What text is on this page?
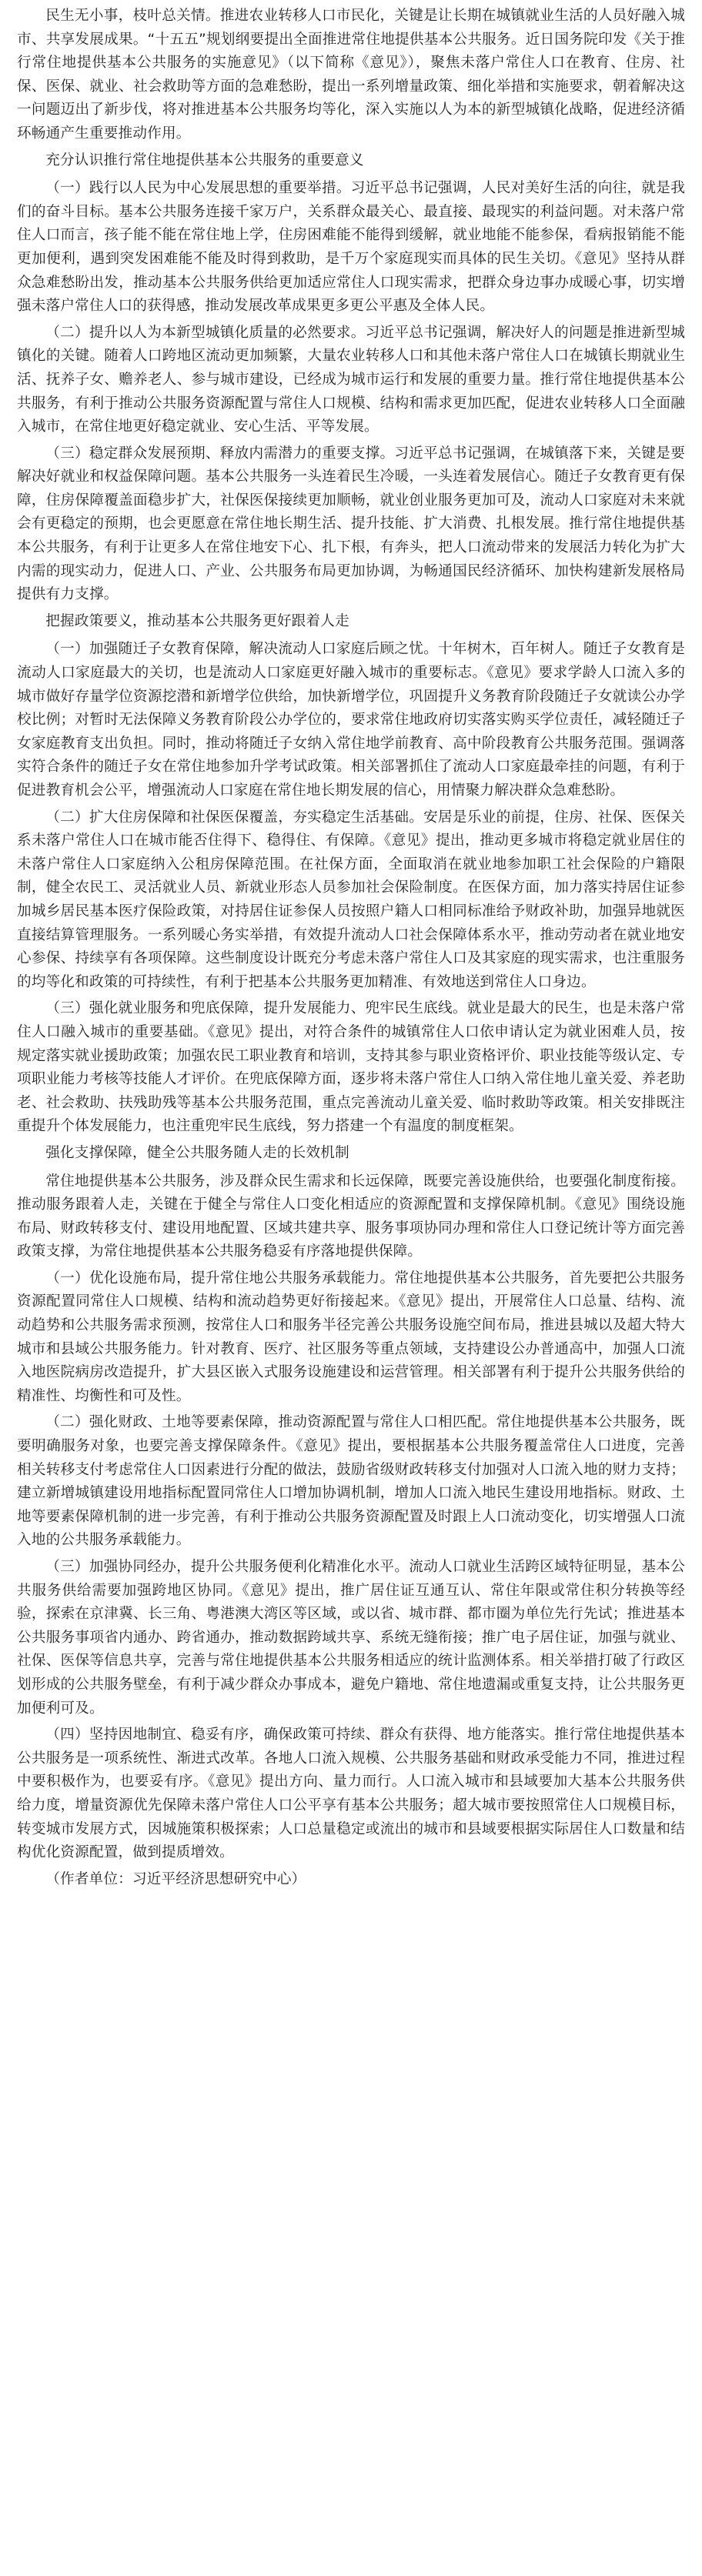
民生无小事，枝叶总关情。推进农业转移人口市民化，关键是让长期在城镇就业生活的人员好融入城市、共享发展成果。“十五五”规划纲要提出全面推进常住地提供基本公共服务。近日国务院印发《关于推行常住地提供基本公共服务的实施意见》（以下简称《意见》），聚焦未落户常住人口在教育、住房、社保、医保、就业、社会救助等方面的急难愁盼，提出一系列增量政策、细化举措和实施要求，朝着解决这一问题迈出了新步伐，将对推进基本公共服务均等化，深入实施以人为本的新型城镇化战略，促进经济循环畅通产生重要推动作用。

充分认识推行常住地提供基本公共服务的重要意义

（一）践行以人民为中心发展思想的重要举措。习近平总书记强调，人民对美好生活的向往，就是我们的奋斗目标。基本公共服务连接千家万户，关系群众最关心、最直接、最现实的利益问题。对未落户常住人口而言，孩子能不能在常住地上学，住房困难能不能得到缓解，就业地能不能参保，看病报销能不能更加便利，遇到突发困难能不能及时得到救助，是千万个家庭现实而具体的民生关切。《意见》坚持从群众急难愁盼出发，推动基本公共服务供给更加适应常住人口现实需求，把群众身边事办成暖心事，切实增强未落户常住人口的获得感，推动发展改革成果更多更公平惠及全体人民。

（二）提升以人为本新型城镇化质量的必然要求。习近平总书记强调，解决好人的问题是推进新型城镇化的关键。随着人口跨地区流动更加频繁，大量农业转移人口和其他未落户常住人口在城镇长期就业生活、抚养子女、赡养老人、参与城市建设，已经成为城市运行和发展的重要力量。推行常住地提供基本公共服务，有利于推动公共服务资源配置与常住人口规模、结构和需求更加匹配，促进农业转移人口全面融入城市，在常住地更好稳定就业、安心生活、平等发展。

（三）稳定群众发展预期、释放内需潜力的重要支撑。习近平总书记强调，在城镇落下来，关键是要解决好就业和权益保障问题。基本公共服务一头连着民生冷暖，一头连着发展信心。随迁子女教育更有保障，住房保障覆盖面稳步扩大，社保医保接续更加顺畅，就业创业服务更加可及，流动人口家庭对未来就会有更稳定的预期，也会更愿意在常住地长期生活、提升技能、扩大消费、扎根发展。推行常住地提供基本公共服务，有利于让更多人在常住地安下心、扎下根，有奔头，把人口流动带来的发展活力转化为扩大内需的现实动力，促进人口、产业、公共服务布局更加协调，为畅通国民经济循环、加快构建新发展格局提供有力支撑。

把握政策要义，推动基本公共服务更好跟着人走

（一）加强随迁子女教育保障，解决流动人口家庭后顾之忧。十年树木，百年树人。随迁子女教育是流动人口家庭最大的关切，也是流动人口家庭更好融入城市的重要标志。《意见》要求学龄人口流入多的城市做好存量学位资源挖潜和新增学位供给，加快新增学位，巩固提升义务教育阶段随迁子女就读公办学校比例；对暂时无法保障义务教育阶段公办学位的，要求常住地政府切实落实购买学位责任，减轻随迁子女家庭教育支出负担。同时，推动将随迁子女纳入常住地学前教育、高中阶段教育公共服务范围。强调落实符合条件的随迁子女在常住地参加升学考试政策。相关部署抓住了流动人口家庭最牵挂的问题，有利于促进教育机会公平，增强流动人口家庭在常住地长期发展的信心，用情聚力解决群众急难愁盼。

（二）扩大住房保障和社保医保覆盖，夯实稳定生活基础。安居是乐业的前提，住房、社保、医保关系未落户常住人口在城市能否住得下、稳得住、有保障。《意见》提出，推动更多城市将稳定就业居住的未落户常住人口家庭纳入公租房保障范围。在社保方面，全面取消在就业地参加职工社会保险的户籍限制，健全农民工、灵活就业人员、新就业形态人员参加社会保险制度。在医保方面，加力落实持居住证参加城乡居民基本医疗保险政策，对持居住证参保人员按照户籍人口相同标准给予财政补助，加强异地就医直接结算管理服务。一系列暖心务实举措，有效提升流动人口社会保障体系水平，推动劳动者在就业地安心参保、持续享有各项保障。这些制度设计既充分考虑未落户常住人口及其家庭的现实需求，也注重服务的均等化和政策的可持续性，有利于把基本公共服务更加精准、有效地送到常住人口身边。

（三）强化就业服务和兜底保障，提升发展能力、兜牢民生底线。就业是最大的民生，也是未落户常住人口融入城市的重要基础。《意见》提出，对符合条件的城镇常住人口依申请认定为就业困难人员，按规定落实就业援助政策；加强农民工职业教育和培训，支持其参与职业资格评价、职业技能等级认定、专项职业能力考核等技能人才评价。在兜底保障方面，逐步将未落户常住人口纳入常住地儿童关爱、养老助老、社会救助、扶残助残等基本公共服务范围，重点完善流动儿童关爱、临时救助等政策。相关安排既注重提升个体发展能力，也注重兜牢民生底线，努力搭建一个有温度的制度框架。

强化支撑保障，健全公共服务随人走的长效机制

常住地提供基本公共服务，涉及群众民生需求和长远保障，既要完善设施供给，也要强化制度衔接。推动服务跟着人走，关键在于健全与常住人口变化相适应的资源配置和支撑保障机制。《意见》围绕设施布局、财政转移支付、建设用地配置、区域共建共享、服务事项协同办理和常住人口登记统计等方面完善政策支撑，为常住地提供基本公共服务稳妥有序落地提供保障。

（一）优化设施布局，提升常住地公共服务承载能力。常住地提供基本公共服务，首先要把公共服务资源配置同常住人口规模、结构和流动趋势更好衔接起来。《意见》提出，开展常住人口总量、结构、流动趋势和公共服务需求预测，按常住人口和服务半径完善公共服务设施空间布局，推进县城以及超大特大城市和县域公共服务能力。针对教育、医疗、社区服务等重点领域，支持建设公办普通高中，加强人口流入地医院病房改造提升，扩大县区嵌入式服务设施建设和运营管理。相关部署有利于提升公共服务供给的精准性、均衡性和可及性。

（二）强化财政、土地等要素保障，推动资源配置与常住人口相匹配。常住地提供基本公共服务，既要明确服务对象，也要完善支撑保障条件。《意见》提出，要根据基本公共服务覆盖常住人口进度，完善相关转移支付考虑常住人口因素进行分配的做法，鼓励省级财政转移支付加强对人口流入地的财力支持；建立新增城镇建设用地指标配置同常住人口增加协调机制，增加人口流入地民生建设用地指标。财政、土地等要素保障机制的进一步完善，有利于推动公共服务资源配置及时跟上人口流动变化，切实增强人口流入地的公共服务承载能力。

（三）加强协同经办，提升公共服务便利化精准化水平。流动人口就业生活跨区域特征明显，基本公共服务供给需要加强跨地区协同。《意见》提出，推广居住证互通互认、常住年限或常住积分转换等经验，探索在京津冀、长三角、粤港澳大湾区等区域，或以省、城市群、都市圈为单位先行先试；推进基本公共服务事项省内通办、跨省通办，推动数据跨域共享、系统无缝衔接；推广电子居住证，加强与就业、社保、医保等信息共享，完善与常住地提供基本公共服务相适应的统计监测体系。相关举措打破了行政区划形成的公共服务壁垒，有利于减少群众办事成本，避免户籍地、常住地遗漏或重复支持，让公共服务更加便利可及。

（四）坚持因地制宜、稳妥有序，确保政策可持续、群众有获得、地方能落实。推行常住地提供基本公共服务是一项系统性、渐进式改革。各地人口流入规模、公共服务基础和财政承受能力不同，推进过程中要积极作为，也要妥有序。《意见》提出方向、量力而行。人口流入城市和县域要加大基本公共服务供给力度，增量资源优先保障未落户常住人口公平享有基本公共服务；超大城市要按照常住人口规模目标，转变城市发展方式，因城施策积极探索；人口总量稳定或流出的城市和县域要根据实际居住人口数量和结构优化资源配置，做到提质增效。

（作者单位：习近平经济思想研究中心）
